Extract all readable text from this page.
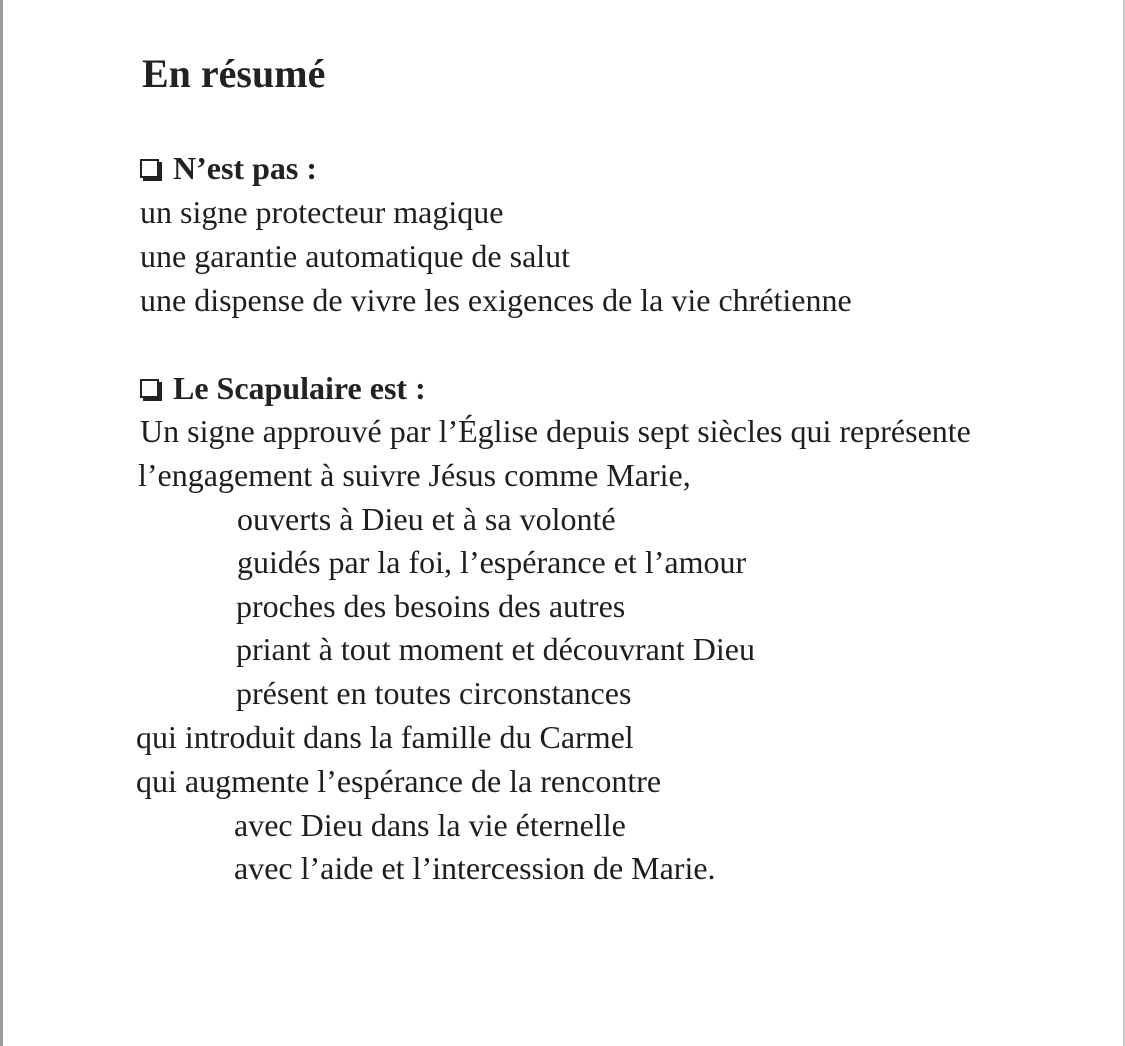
En résumé
N’est pas :
un signe protecteur magique
une garantie automatique de salut
une dispense de vivre les exigences de la vie chrétienne
Le Scapulaire est :
Un signe approuvé par l’Église depuis sept siècles qui représente
l’engagement à suivre Jésus comme Marie,
ouverts à Dieu et à sa volonté
guidés par la foi, l’espérance et l’amour
proches des besoins des autres
priant à tout moment et découvrant Dieu
présent en toutes circonstances
qui introduit dans la famille du Carmel
qui augmente l’espérance de la rencontre
avec Dieu dans la vie éternelle
avec l’aide et l’intercession de Marie.
